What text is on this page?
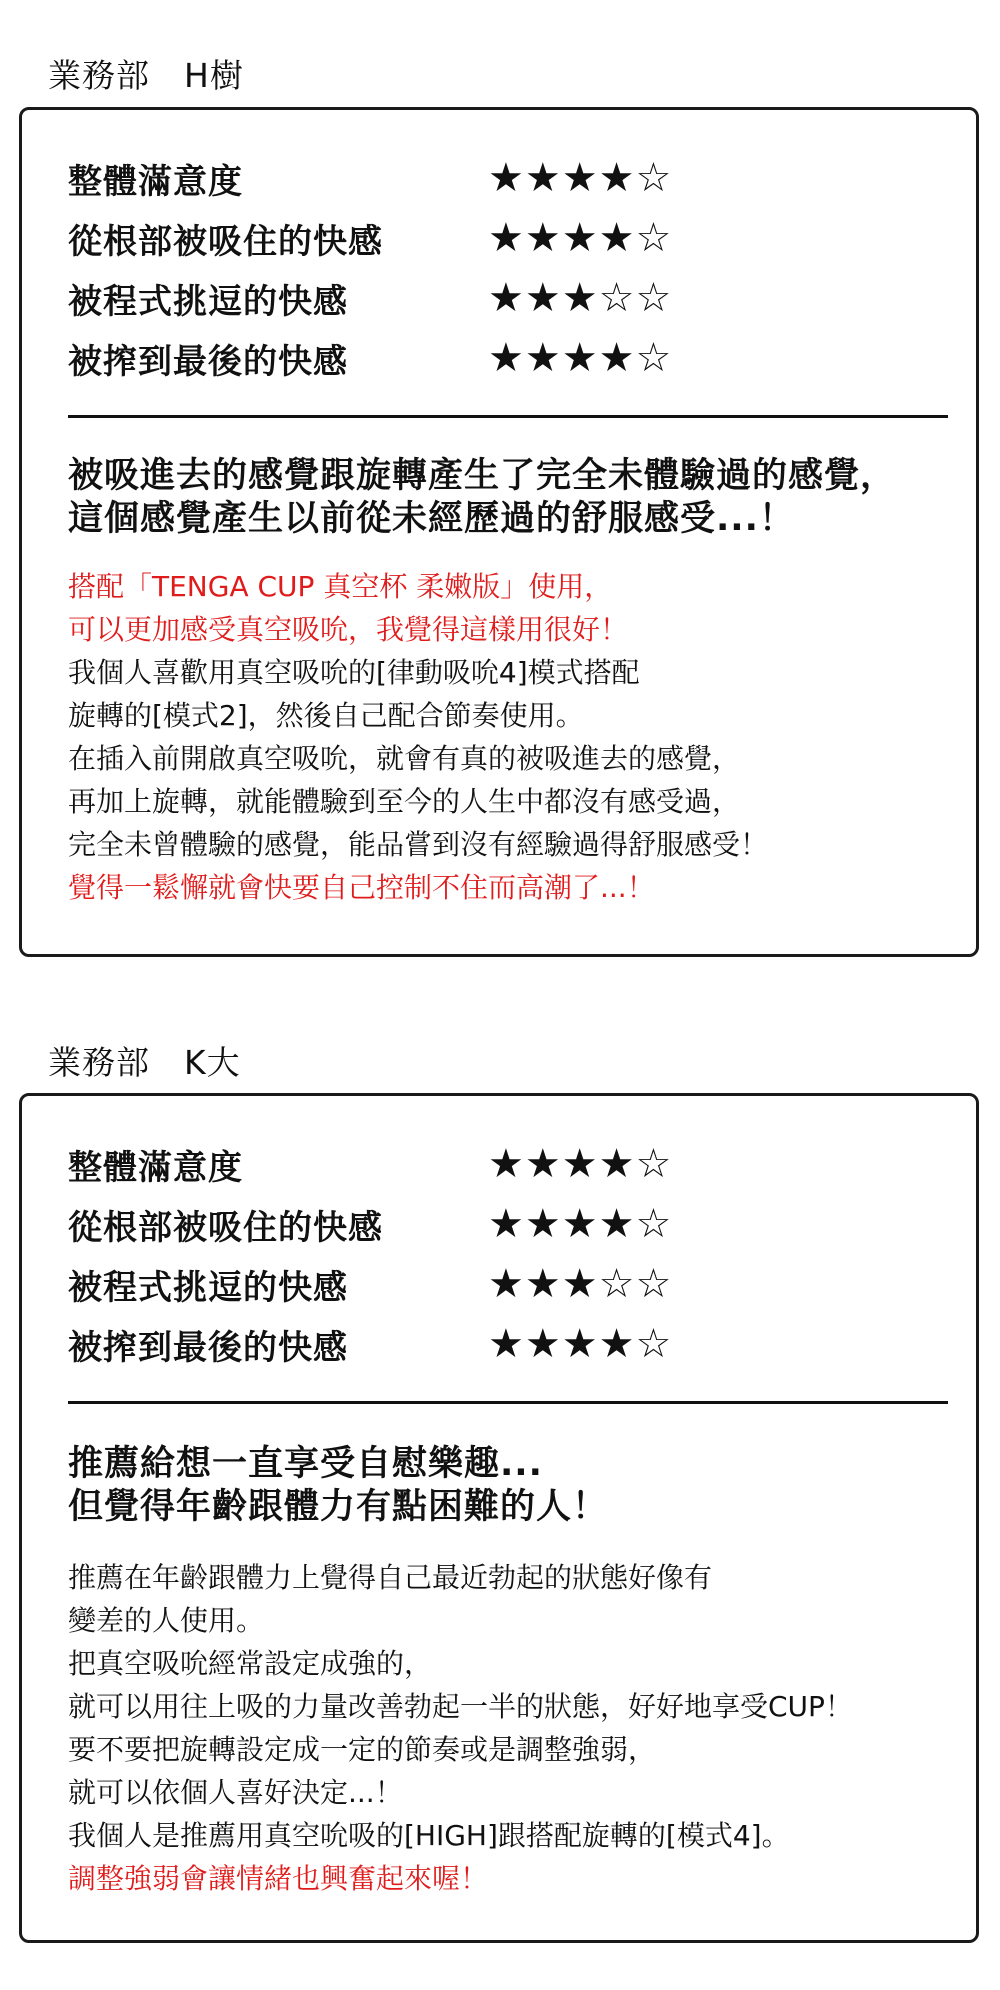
業務部　H樹
整體滿意度	★★★★☆
從根部被吸住的快感	★★★★☆
被程式挑逗的快感	★★★☆☆
被搾到最後的快感	★★★★☆
被吸進去的感覺跟旋轉產生了完全未體驗過的感覺，
這個感覺產生以前從未經歷過的舒服感受...！
搭配「TENGA CUP 真空杯 柔嫩版」使用，
可以更加感受真空吸吮，我覺得這樣用很好！
我個人喜歡用真空吸吮的[律動吸吮4]模式搭配
旋轉的[模式2]，然後自己配合節奏使用。
在插入前開啟真空吸吮，就會有真的被吸進去的感覺，
再加上旋轉，就能體驗到至今的人生中都沒有感受過，
完全未曾體驗的感覺，能品嘗到沒有經驗過得舒服感受！
覺得一鬆懈就會快要自己控制不住而高潮了...！
業務部　K大
整體滿意度	★★★★☆
從根部被吸住的快感	★★★★☆
被程式挑逗的快感	★★★☆☆
被搾到最後的快感	★★★★☆
推薦給想一直享受自慰樂趣...
但覺得年齡跟體力有點困難的人！
推薦在年齡跟體力上覺得自己最近勃起的狀態好像有
變差的人使用。
把真空吸吮經常設定成強的，
就可以用往上吸的力量改善勃起一半的狀態，好好地享受CUP！
要不要把旋轉設定成一定的節奏或是調整強弱，
就可以依個人喜好決定...！
我個人是推薦用真空吮吸的[HIGH]跟搭配旋轉的[模式4]。
調整強弱會讓情緒也興奮起來喔！
